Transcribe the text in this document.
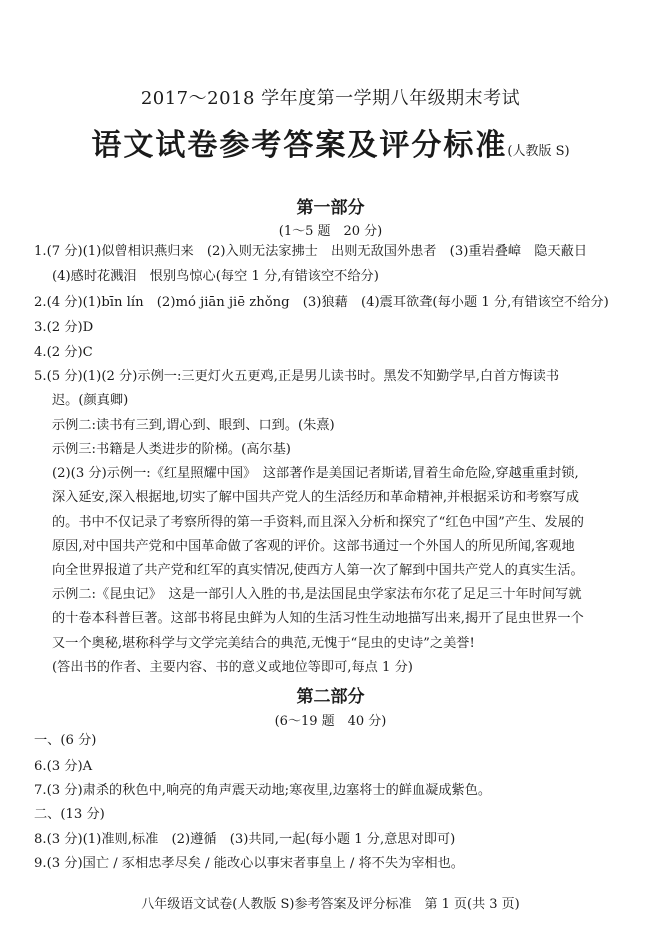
2017～2018 学年度第一学期八年级期末考试
语文试卷参考答案及评分标准(人教版 S)
第一部分
(1～5 题　20 分)
1.(7 分)(1)似曾相识燕归来　(2)入则无法家拂士　出则无敌国外患者　(3)重岩叠嶂　隐天蔽日
(4)感时花溅泪　恨别鸟惊心(每空 1 分,有错该空不给分)
2.(4 分)(1)bīn lín　(2)mó jiān jiē zhǒng　(3)狼藉　(4)震耳欲聋(每小题 1 分,有错该空不给分)
3.(2 分)D
4.(2 分)C
5.(5 分)(1)(2 分)示例一:三更灯火五更鸡,正是男儿读书时。黑发不知勤学早,白首方悔读书
迟。(颜真卿)
示例二:读书有三到,谓心到、眼到、口到。(朱熹)
示例三:书籍是人类进步的阶梯。(高尔基)
(2)(3 分)示例一:《红星照耀中国》　这部著作是美国记者斯诺,冒着生命危险,穿越重重封锁,
深入延安,深入根据地,切实了解中国共产党人的生活经历和革命精神,并根据采访和考察写成
的。书中不仅记录了考察所得的第一手资料,而且深入分析和探究了“红色中国”产生、发展的
原因,对中国共产党和中国革命做了客观的评价。这部书通过一个外国人的所见所闻,客观地
向全世界报道了共产党和红军的真实情况,使西方人第一次了解到中国共产党人的真实生活。
示例二:《昆虫记》　这是一部引人入胜的书,是法国昆虫学家法布尔花了足足三十年时间写就
的十卷本科普巨著。这部书将昆虫鲜为人知的生活习性生动地描写出来,揭开了昆虫世界一个
又一个奥秘,堪称科学与文学完美结合的典范,无愧于“昆虫的史诗”之美誉!
(答出书的作者、主要内容、书的意义或地位等即可,每点 1 分)
第二部分
(6～19 题　40 分)
一、(6 分)
6.(3 分)A
7.(3 分)肃杀的秋色中,响亮的角声震天动地;寒夜里,边塞将士的鲜血凝成紫色。
二、(13 分)
8.(3 分)(1)准则,标准　(2)遵循　(3)共同,一起(每小题 1 分,意思对即可)
9.(3 分)国亡 / 豕相忠孝尽矣 / 能改心以事宋者事皇上 / 将不失为宰相也。
八年级语文试卷(人教版 S)参考答案及评分标准　第 1 页(共 3 页)
